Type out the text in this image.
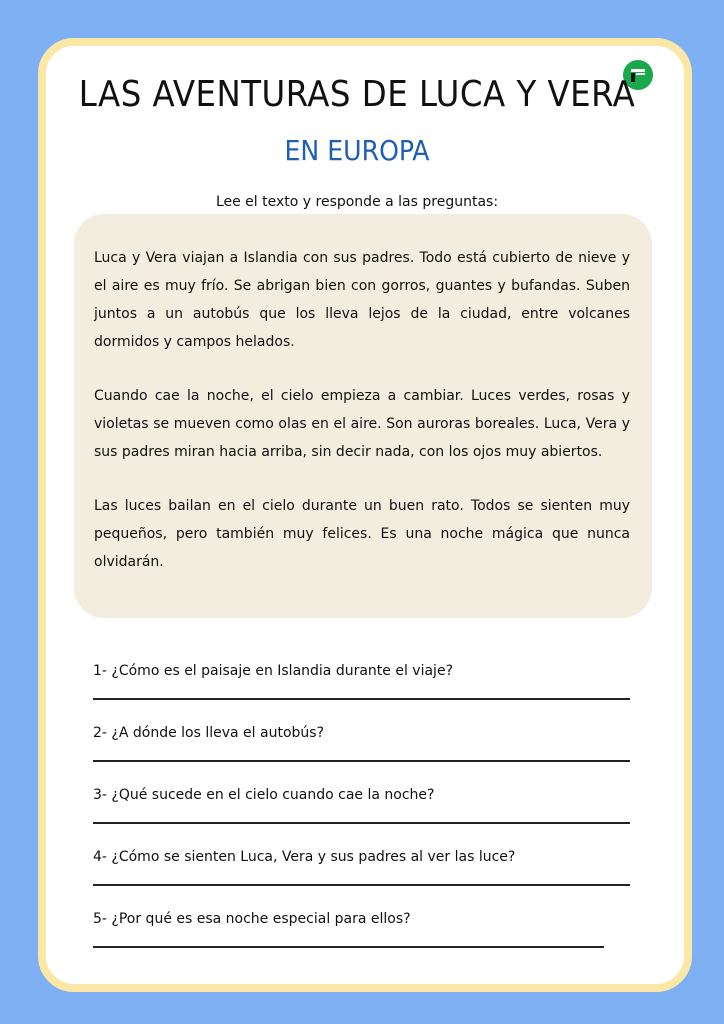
LAS AVENTURAS DE LUCA Y VERA
EN EUROPA
Lee el texto y responde a las preguntas:

Luca y Vera viajan a Islandia con sus padres. Todo está cubierto de nieve y el aire es muy frío. Se abrigan bien con gorros, guantes y bufandas. Suben juntos a un autobús que los lleva lejos de la ciudad, entre volcanes dormidos y campos helados.

Cuando cae la noche, el cielo empieza a cambiar. Luces verdes, rosas y violetas se mueven como olas en el aire. Son auroras boreales. Luca, Vera y sus padres miran hacia arriba, sin decir nada, con los ojos muy abiertos.

Las luces bailan en el cielo durante un buen rato. Todos se sienten muy pequeños, pero también muy felices. Es una noche mágica que nunca olvidarán.

1- ¿Cómo es el paisaje en Islandia durante el viaje?
2- ¿A dónde los lleva el autobús?
3- ¿Qué sucede en el cielo cuando cae la noche?
4- ¿Cómo se sienten Luca, Vera y sus padres al ver las luce?
5- ¿Por qué es esa noche especial para ellos?
